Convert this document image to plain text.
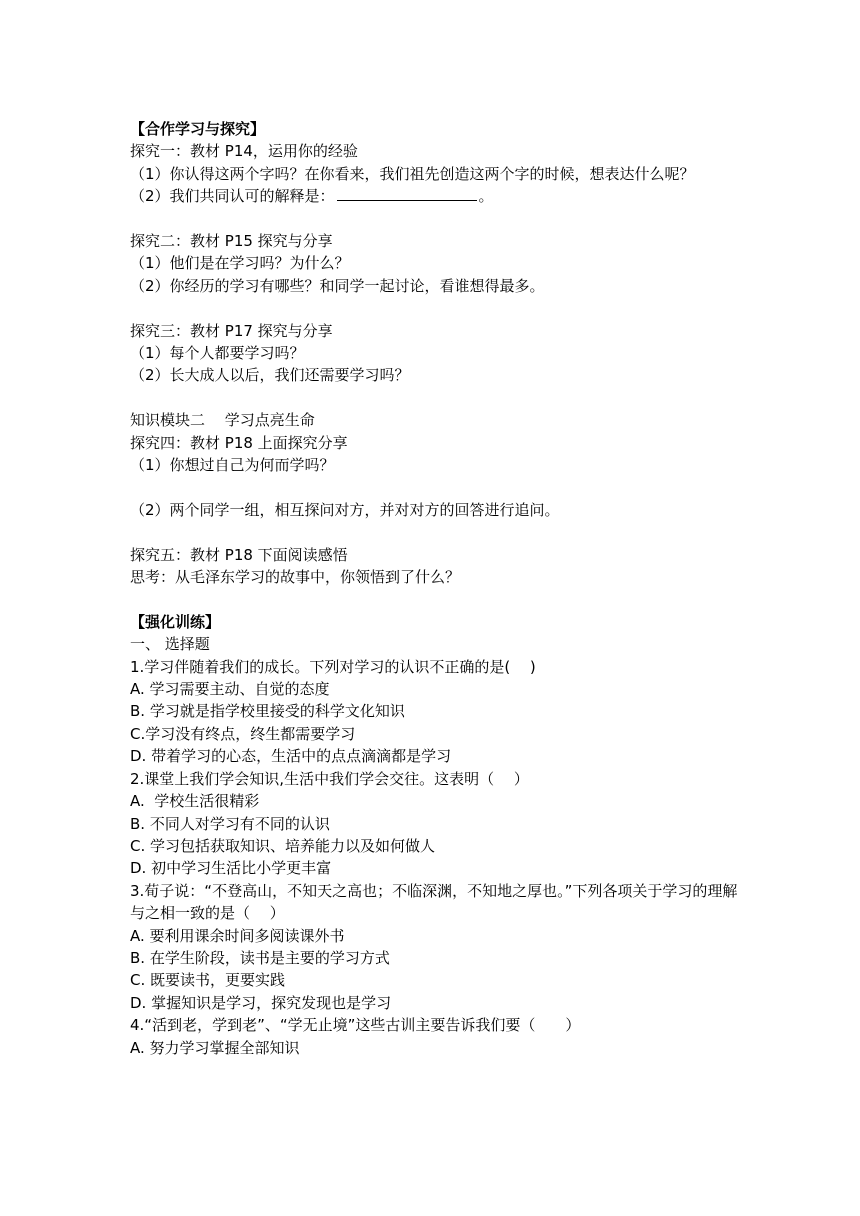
【合作学习与探究】

探究一：教材 P14，运用你的经验

（1）你认得这两个字吗？在你看来，我们祖先创造这两个字的时候，想表达什么呢？

（2）我们共同认可的解释是：	。

探究二：教材 P15 探究与分享

（1）他们是在学习吗？为什么？

（2）你经历的学习有哪些？和同学一起讨论，看谁想得最多。

探究三：教材 P17 探究与分享

（1）每个人都要学习吗？

（2）长大成人以后，我们还需要学习吗？

知识模块二　 学习点亮生命

探究四：教材 P18 上面探究分享

（1）你想过自己为何而学吗？

（2）两个同学一组，相互探问对方，并对对方的回答进行追问。

探究五：教材 P18 下面阅读感悟

思考：从毛泽东学习的故事中，你领悟到了什么？

【强化训练】

一、 选择题

1.学习伴随着我们的成长。下列对学习的认识不正确的是(　 )

A. 学习需要主动、自觉的态度

B. 学习就是指学校里接受的科学文化知识

C.学习没有终点，终生都需要学习

D. 带着学习的心态，生活中的点点滴滴都是学习

2.课堂上我们学会知识,生活中我们学会交往。这表明（　 ）

A.  学校生活很精彩

B. 不同人对学习有不同的认识

C. 学习包括获取知识、培养能力以及如何做人

D. 初中学习生活比小学更丰富

3.荀子说：“不登高山，不知天之高也；不临深渊，不知地之厚也。”下列各项关于学习的理解与之相一致的是（　 ）

A. 要利用课余时间多阅读课外书

B. 在学生阶段，读书是主要的学习方式

C. 既要读书，更要实践

D. 掌握知识是学习，探究发现也是学习

4.“活到老，学到老”、“学无止境”这些古训主要告诉我们要（　　）

A. 努力学习掌握全部知识
